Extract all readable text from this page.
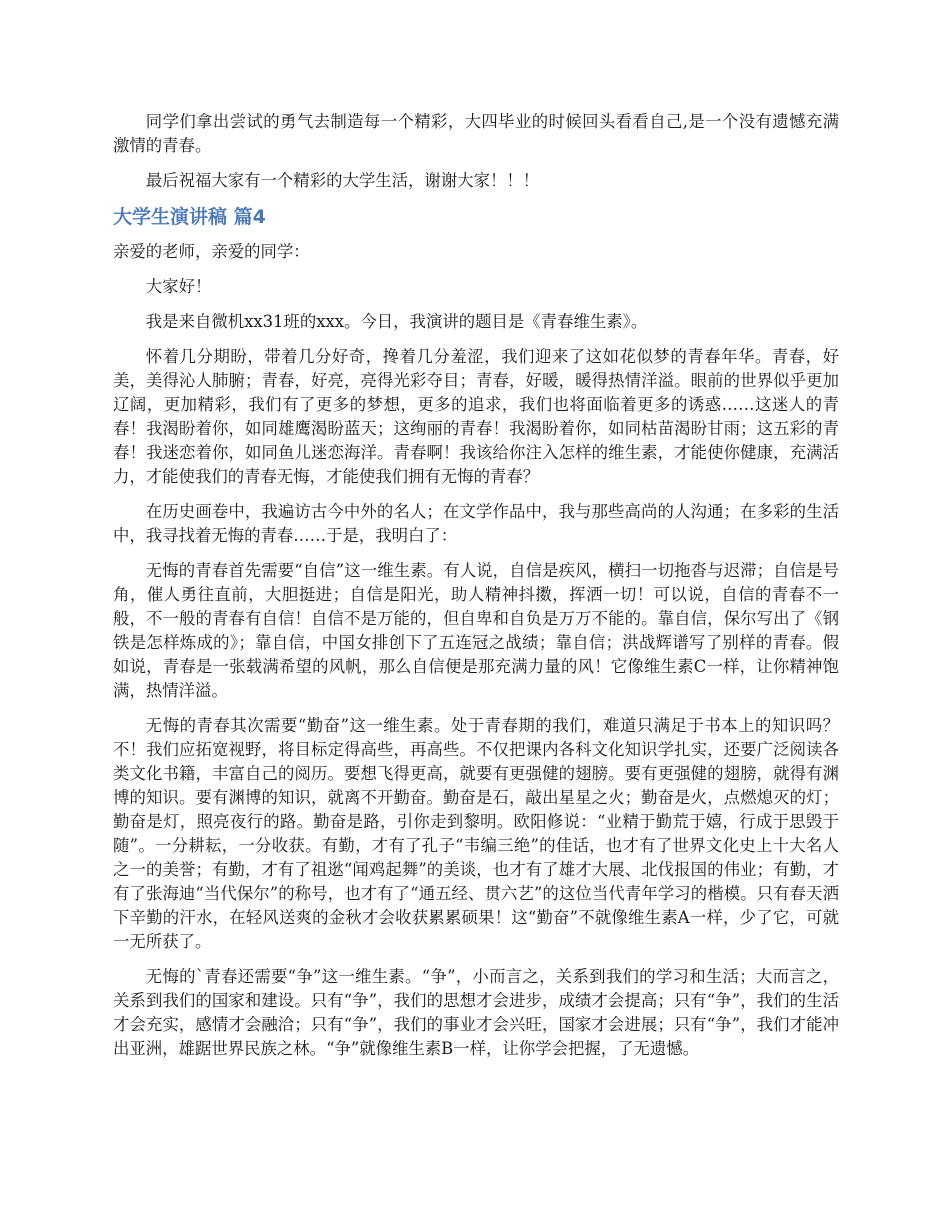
同学们拿出尝试的勇气去制造每一个精彩，大四毕业的时候回头看看自己,是一个没有遗憾充满激情的青春。

最后祝福大家有一个精彩的大学生活，谢谢大家！！！

大学生演讲稿 篇4

亲爱的老师，亲爱的同学：

大家好！

我是来自微机xx31班的xxx。今日，我演讲的题目是《青春维生素》。

怀着几分期盼，带着几分好奇，搀着几分羞涩，我们迎来了这如花似梦的青春年华。青春，好美，美得沁人肺腑；青春，好亮，亮得光彩夺目；青春，好暖，暖得热情洋溢。眼前的世界似乎更加辽阔，更加精彩，我们有了更多的梦想，更多的追求，我们也将面临着更多的诱惑……这迷人的青春！我渴盼着你，如同雄鹰渴盼蓝天；这绚丽的青春！我渴盼着你，如同枯苗渴盼甘雨；这五彩的青春！我迷恋着你，如同鱼儿迷恋海洋。青春啊！我该给你注入怎样的维生素，才能使你健康，充满活力，才能使我们的青春无悔，才能使我们拥有无悔的青春？

在历史画卷中，我遍访古今中外的名人；在文学作品中，我与那些高尚的人沟通；在多彩的生活中，我寻找着无悔的青春……于是，我明白了：

无悔的青春首先需要“自信”这一维生素。有人说，自信是疾风，横扫一切拖沓与迟滞；自信是号角，催人勇往直前，大胆挺进；自信是阳光，助人精神抖擞，挥洒一切！可以说，自信的青春不一般，不一般的青春有自信！自信不是万能的，但自卑和自负是万万不能的。靠自信，保尔写出了《钢铁是怎样炼成的》；靠自信，中国女排创下了五连冠之战绩；靠自信；洪战辉谱写了别样的青春。假如说，青春是一张载满希望的风帆，那么自信便是那充满力量的风！它像维生素C一样，让你精神饱满，热情洋溢。

无悔的青春其次需要“勤奋”这一维生素。处于青春期的我们，难道只满足于书本上的知识吗？不！我们应拓宽视野，将目标定得高些，再高些。不仅把课内各科文化知识学扎实，还要广泛阅读各类文化书籍，丰富自己的阅历。要想飞得更高，就要有更强健的翅膀。要有更强健的翅膀，就得有渊博的知识。要有渊博的知识，就离不开勤奋。勤奋是石，敲出星星之火；勤奋是火，点燃熄灭的灯；勤奋是灯，照亮夜行的路。勤奋是路，引你走到黎明。欧阳修说：“业精于勤荒于嬉，行成于思毁于随”。一分耕耘，一分收获。有勤，才有了孔子“韦编三绝”的佳话，也才有了世界文化史上十大名人之一的美誉；有勤，才有了祖逖“闻鸡起舞”的美谈，也才有了雄才大展、北伐报国的伟业；有勤，才有了张海迪“当代保尔”的称号，也才有了“通五经、贯六艺”的这位当代青年学习的楷模。只有春天洒下辛勤的汗水，在轻风送爽的金秋才会收获累累硕果！这“勤奋”不就像维生素A一样，少了它，可就一无所获了。

无悔的`青春还需要“争”这一维生素。“争”，小而言之，关系到我们的学习和生活；大而言之，关系到我们的国家和建设。只有“争”，我们的思想才会进步，成绩才会提高；只有“争”，我们的生活才会充实，感情才会融洽；只有“争”，我们的事业才会兴旺，国家才会进展；只有“争”，我们才能冲出亚洲，雄踞世界民族之林。“争”就像维生素B一样，让你学会把握，了无遗憾。
